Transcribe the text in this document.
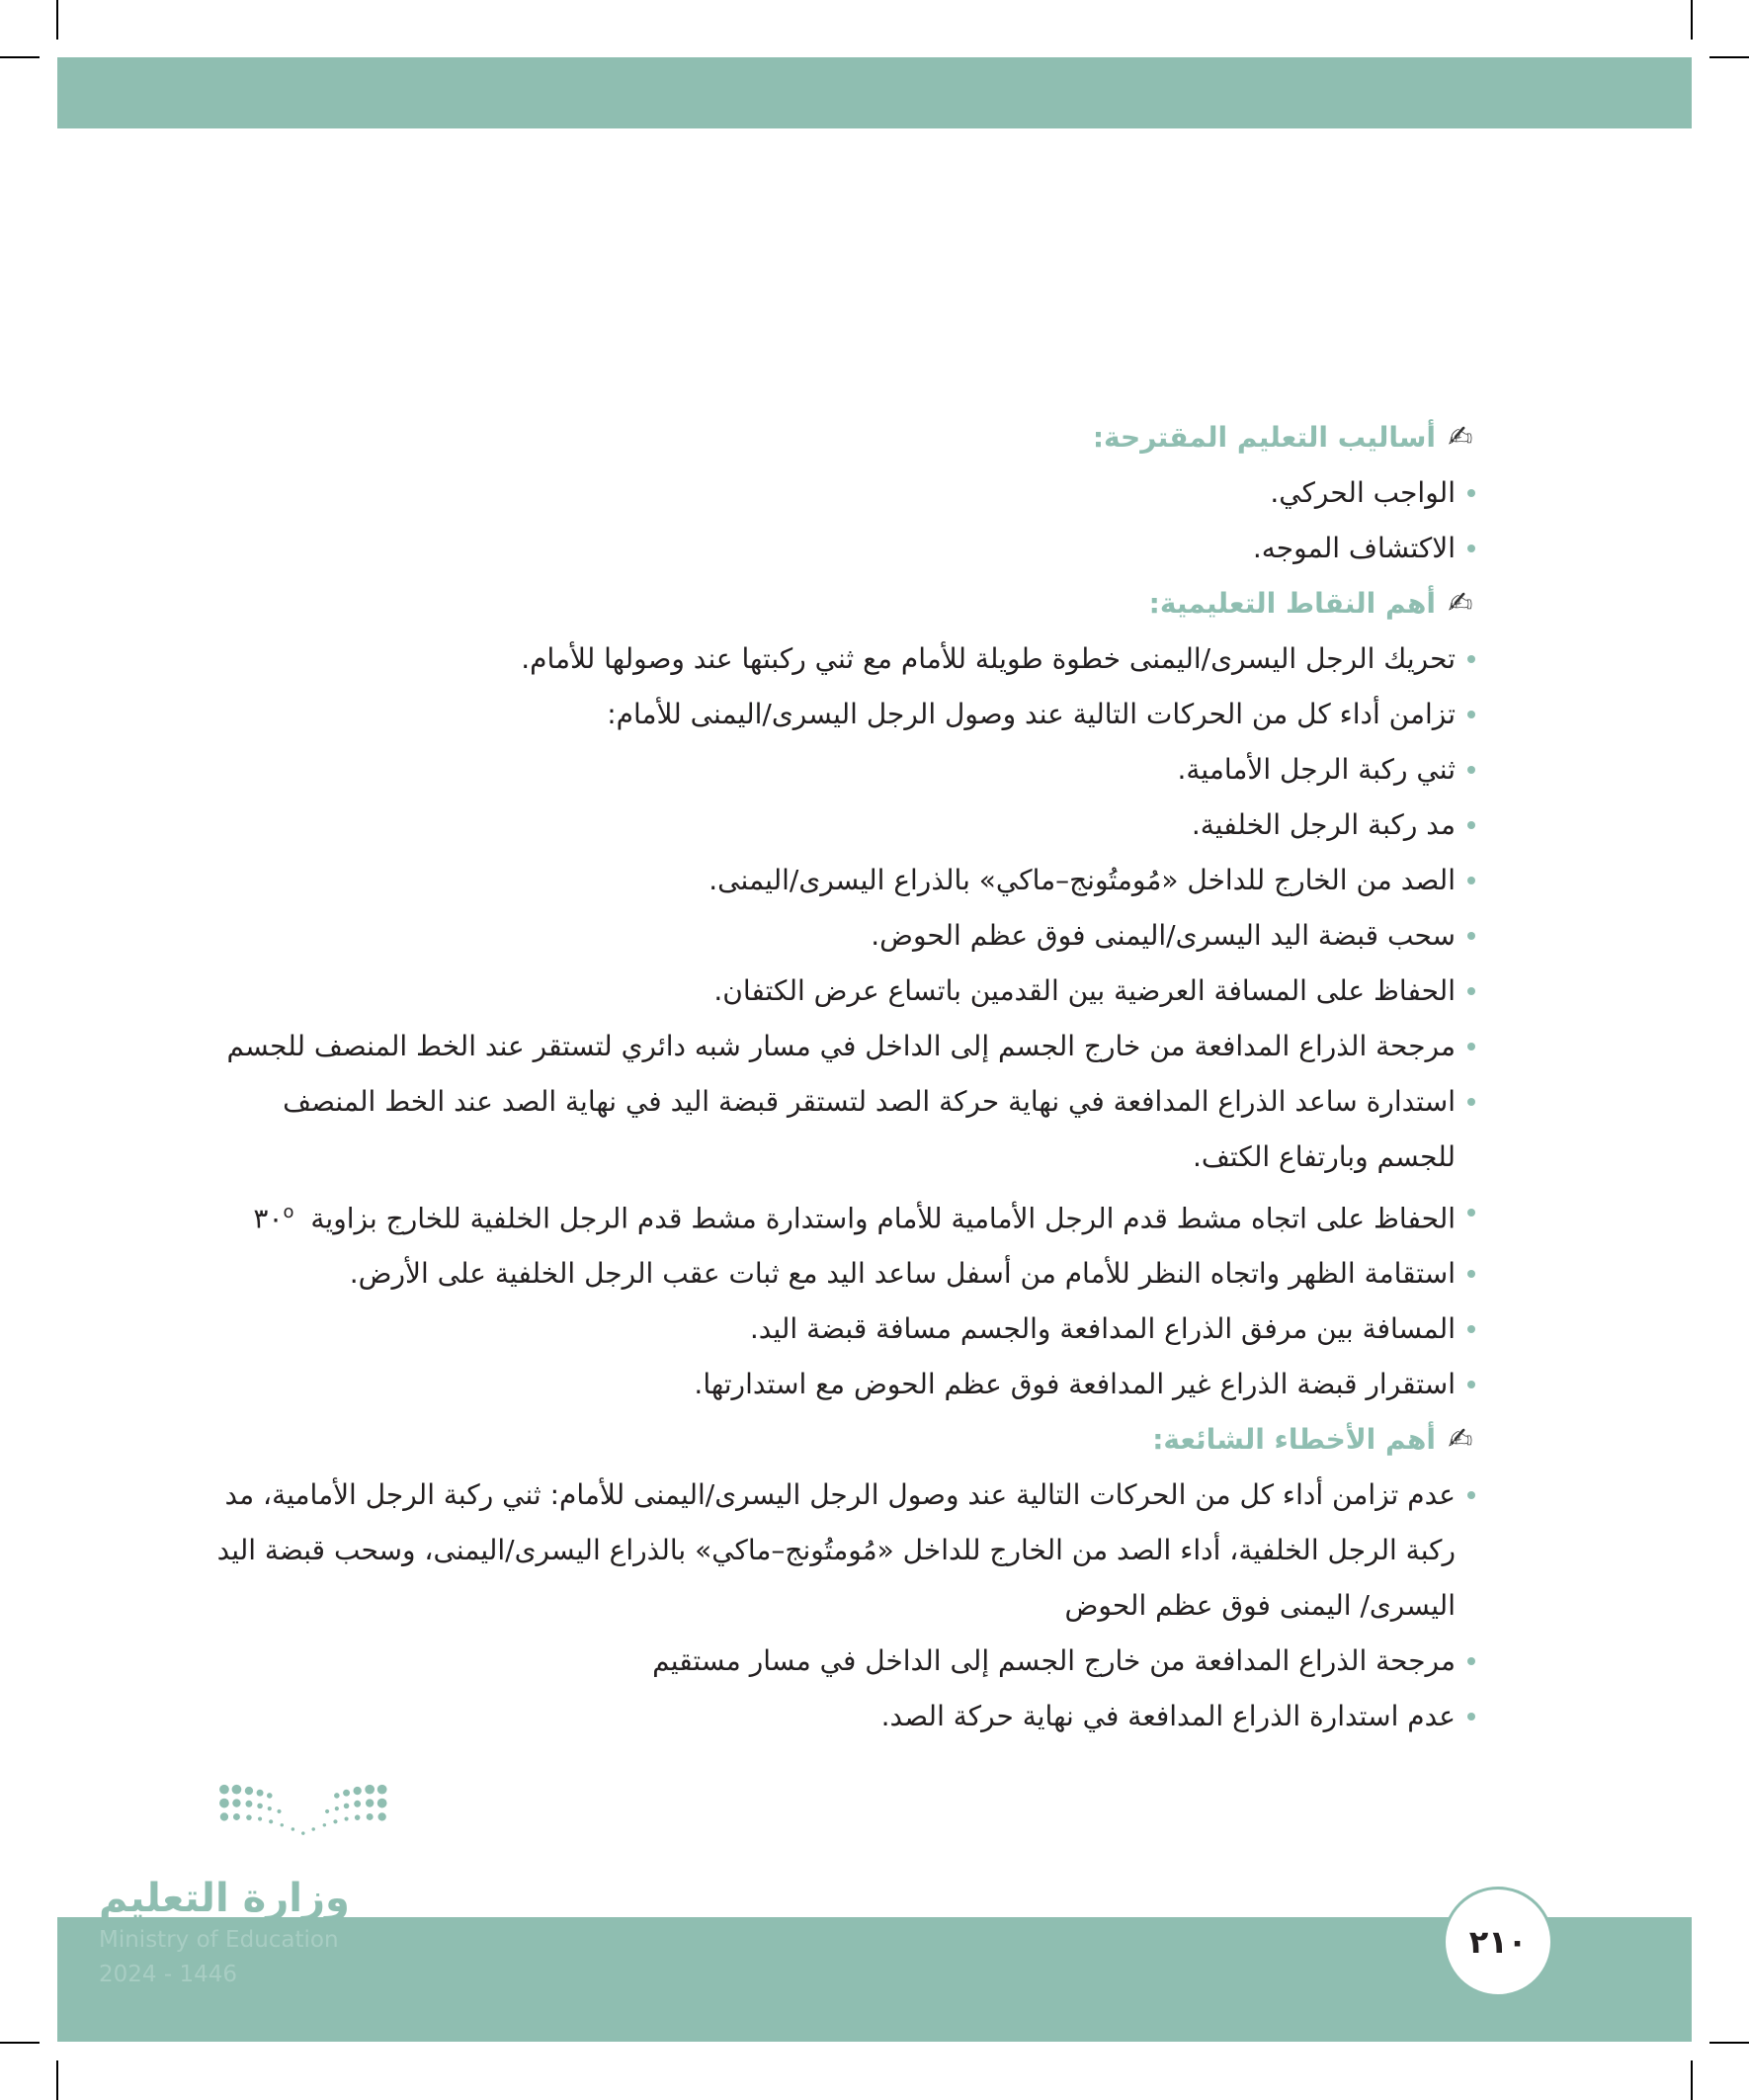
✍
أساليب التعليم المقترحة:
الواجب الحركي.
الاكتشاف الموجه.
✍
أهم النقاط التعليمية:
تحريك الرجل اليسرى/اليمنى خطوة طويلة للأمام مع ثني ركبتها عند وصولها للأمام.
تزامن أداء كل من الحركات التالية عند وصول الرجل اليسرى/اليمنى للأمام:
ثني ركبة الرجل الأمامية.
مد ركبة الرجل الخلفية.
الصد من الخارج للداخل «مُومتُونج–ماكي» بالذراع اليسرى/اليمنى.
سحب قبضة اليد اليسرى/اليمنى فوق عظم الحوض.
الحفاظ على المسافة العرضية بين القدمين باتساع عرض الكتفان.
مرجحة الذراع المدافعة من خارج الجسم إلى الداخل في مسار شبه دائري لتستقر عند الخط المنصف للجسم
استدارة ساعد الذراع المدافعة في نهاية حركة الصد لتستقر قبضة اليد في نهاية الصد عند الخط المنصف للجسم وبارتفاع الكتف.
الحفاظ على اتجاه مشط قدم الرجل الأمامية للأمام واستدارة مشط قدم الرجل الخلفية للخارج بزاوية ٣٠$^o$
استقامة الظهر واتجاه النظر للأمام من أسفل ساعد اليد مع ثبات عقب الرجل الخلفية على الأرض.
المسافة بين مرفق الذراع المدافعة والجسم مسافة قبضة اليد.
استقرار قبضة الذراع غير المدافعة فوق عظم الحوض مع استدارتها.
✍
أهم الأخطاء الشائعة:
عدم تزامن أداء كل من الحركات التالية عند وصول الرجل اليسرى/اليمنى للأمام: ثني ركبة الرجل الأمامية، مد ركبة الرجل الخلفية، أداء الصد من الخارج للداخل «مُومتُونج–ماكي» بالذراع اليسرى/اليمنى، وسحب قبضة اليد اليسرى/ اليمنى فوق عظم الحوض
مرجحة الذراع المدافعة من خارج الجسم إلى الداخل في مسار مستقيم
عدم استدارة الذراع المدافعة في نهاية حركة الصد.
وزارة التعليم
Ministry of Education
2024 - 1446
٢١٠
